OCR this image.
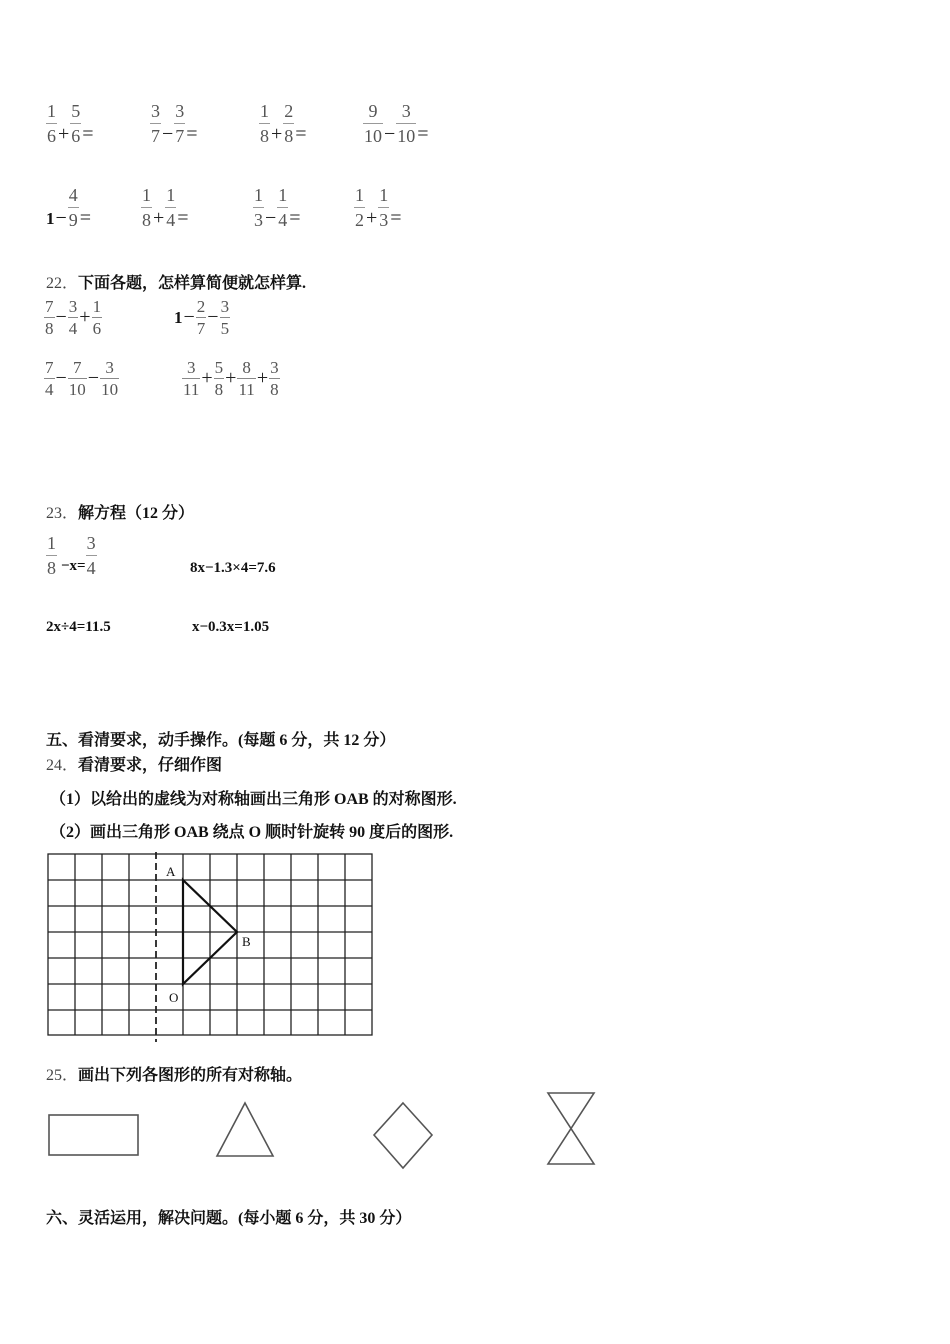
$\frac{1}{6} + \frac{5}{6}$ =	$\frac{3}{7} - \frac{3}{7}$ =	$\frac{1}{8} + \frac{2}{8}$ =	$\frac{9}{10} - \frac{3}{10}$ =
$1 - \frac{4}{9}$ =	$\frac{1}{8} + \frac{1}{4}$ =	$\frac{1}{3} - \frac{1}{4}$ =	$\frac{1}{2} + \frac{1}{3}$ =
22．下面各题，怎样算简便就怎样算.
$\frac{7}{8} - \frac{3}{4} + \frac{1}{6}$	$1 - \frac{2}{7} - \frac{3}{5}$
$\frac{7}{4} - \frac{7}{10} - \frac{3}{10}$	$\frac{3}{11} + \frac{5}{8} + \frac{8}{11} + \frac{3}{8}$
23．解方程（12 分）
$\frac{1}{8} -x= \frac{3}{4}$	8x−1.3×4=7.6
2x÷4=11.5	x−0.3x=1.05
五、看清要求，动手操作。(每题 6 分，共 12 分）
24．看清要求，仔细作图
（1）以给出的虚线为对称轴画出三角形 OAB 的对称图形.
（2）画出三角形 OAB 绕点 O 顺时针旋转 90 度后的图形.
A
B
O
25．画出下列各图形的所有对称轴。
六、灵活运用，解决问题。(每小题 6 分，共 30 分）
